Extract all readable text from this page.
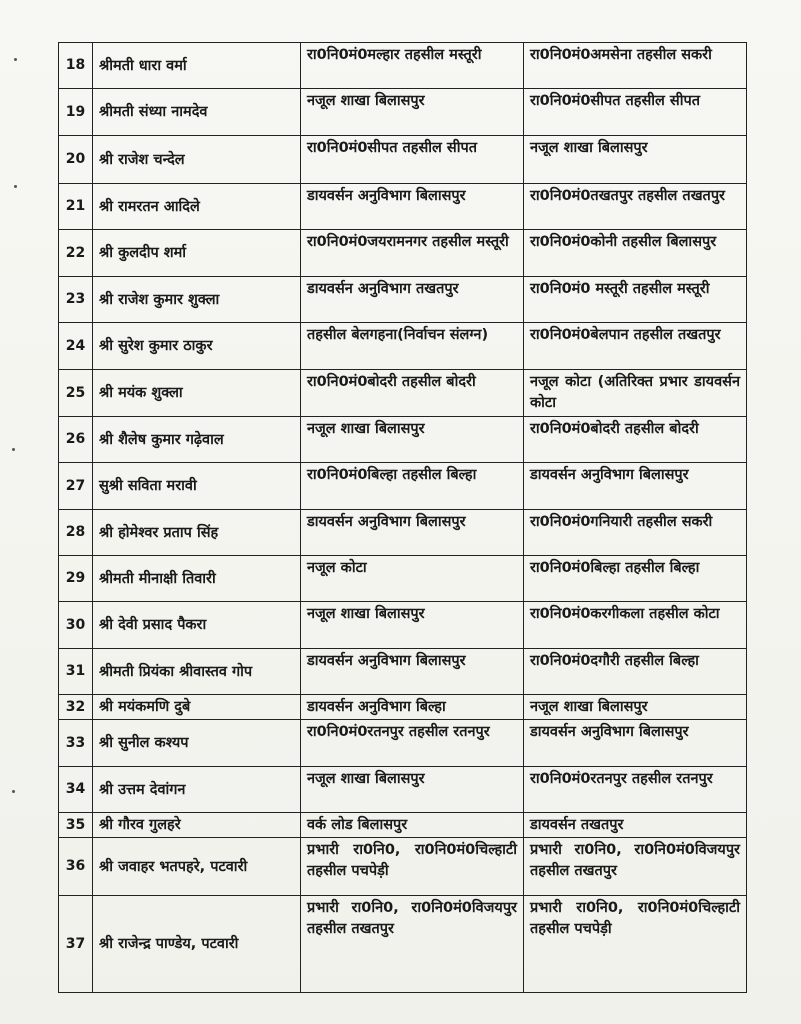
18	श्रीमती धारा वर्मा	रा0नि0मं0मल्हार तहसील मस्तूरी	रा0नि0मं0अमसेना तहसील सकरी
19	श्रीमती संध्या नामदेव	नजूल शाखा बिलासपुर	रा0नि0मं0सीपत तहसील सीपत
20	श्री राजेश चन्देल	रा0नि0मं0सीपत तहसील सीपत	नजूल शाखा बिलासपुर
21	श्री रामरतन आदिले	डायवर्सन अनुविभाग बिलासपुर	रा0नि0मं0तखतपुर तहसील तखतपुर
22	श्री कुलदीप शर्मा	रा0नि0मं0जयरामनगर तहसील मस्तूरी	रा0नि0मं0कोनी तहसील बिलासपुर
23	श्री राजेश कुमार शुक्ला	डायवर्सन अनुविभाग तखतपुर	रा0नि0मं0 मस्तूरी तहसील मस्तूरी
24	श्री सुरेश कुमार ठाकुर	तहसील बेलगहना(निर्वाचन संलग्न)	रा0नि0मं0बेलपान तहसील तखतपुर
25	श्री मयंक शुक्ला	रा0नि0मं0बोदरी तहसील बोदरी	नजूल कोटा (अतिरिक्त प्रभार डायवर्सन कोटा
26	श्री शैलेष कुमार गढ़ेवाल	नजूल शाखा बिलासपुर	रा0नि0मं0बोदरी तहसील बोदरी
27	सुश्री सविता मरावी	रा0नि0मं0बिल्हा तहसील बिल्हा	डायवर्सन अनुविभाग बिलासपुर
28	श्री होमेश्वर प्रताप सिंह	डायवर्सन अनुविभाग बिलासपुर	रा0नि0मं0गनियारी तहसील सकरी
29	श्रीमती मीनाक्षी तिवारी	नजूल कोटा	रा0नि0मं0बिल्हा तहसील बिल्हा
30	श्री देवी प्रसाद पैकरा	नजूल शाखा बिलासपुर	रा0नि0मं0करगीकला तहसील कोटा
31	श्रीमती प्रियंका श्रीवास्तव गोप	डायवर्सन अनुविभाग बिलासपुर	रा0नि0मं0दगौरी तहसील बिल्हा
32	श्री मयंकमणि दुबे	डायवर्सन अनुविभाग बिल्हा	नजूल शाखा बिलासपुर
33	श्री सुनील कश्यप	रा0नि0मं0रतनपुर तहसील रतनपुर	डायवर्सन अनुविभाग बिलासपुर
34	श्री उत्तम देवांगन	नजूल शाखा बिलासपुर	रा0नि0मं0रतनपुर तहसील रतनपुर
35	श्री गौरव गुलहरे	वर्क लोड बिलासपुर	डायवर्सन तखतपुर
36	श्री जवाहर भतपहरे, पटवारी	प्रभारी रा0नि0, रा0नि0मं0चिल्हाटी तहसील पचपेड़ी	प्रभारी रा0नि0, रा0नि0मं0विजयपुर तहसील तखतपुर
37	श्री राजेन्द्र पाण्डेय, पटवारी	प्रभारी रा0नि0, रा0नि0मं0विजयपुर तहसील तखतपुर	प्रभारी रा0नि0, रा0नि0मं0चिल्हाटी तहसील पचपेड़ी
